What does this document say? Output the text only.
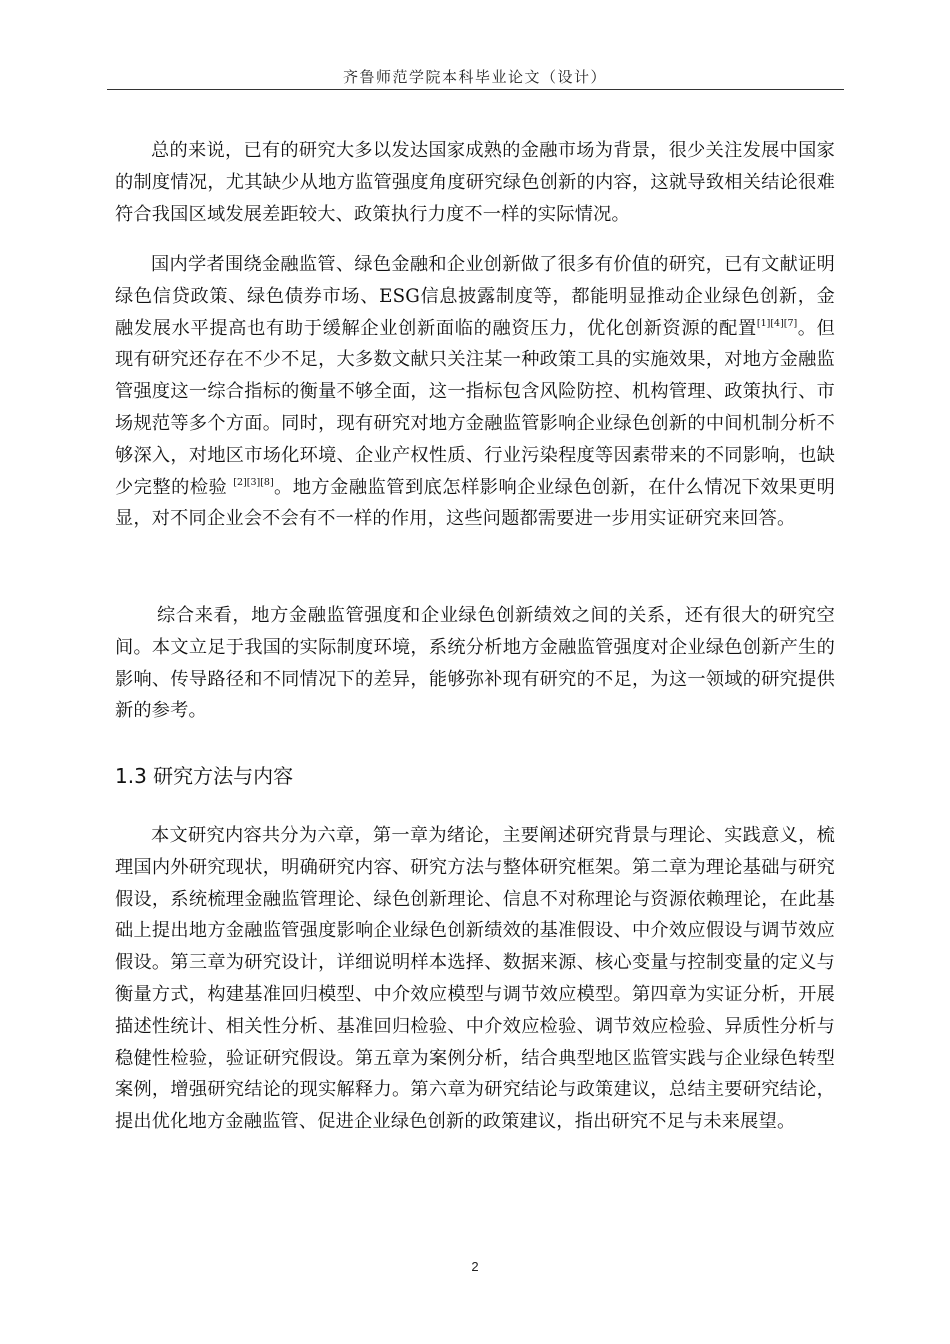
齐鲁师范学院本科毕业论文（设计）

总的来说，已有的研究大多以发达国家成熟的金融市场为背景，很少关注发展中国家的制度情况，尤其缺少从地方监管强度角度研究绿色创新的内容，这就导致相关结论很难符合我国区域发展差距较大、政策执行力度不一样的实际情况。

国内学者围绕金融监管、绿色金融和企业创新做了很多有价值的研究，已有文献证明绿色信贷政策、绿色债券市场、ESG信息披露制度等，都能明显推动企业绿色创新，金融发展水平提高也有助于缓解企业创新面临的融资压力，优化创新资源的配置[1][4][7]。但现有研究还存在不少不足，大多数文献只关注某一种政策工具的实施效果，对地方金融监管强度这一综合指标的衡量不够全面，这一指标包含风险防控、机构管理、政策执行、市场规范等多个方面。同时，现有研究对地方金融监管影响企业绿色创新的中间机制分析不够深入，对地区市场化环境、企业产权性质、行业污染程度等因素带来的不同影响，也缺少完整的检验 [2][3][8]。地方金融监管到底怎样影响企业绿色创新，在什么情况下效果更明显，对不同企业会不会有不一样的作用，这些问题都需要进一步用实证研究来回答。

综合来看，地方金融监管强度和企业绿色创新绩效之间的关系，还有很大的研究空间。本文立足于我国的实际制度环境，系统分析地方金融监管强度对企业绿色创新产生的影响、传导路径和不同情况下的差异，能够弥补现有研究的不足，为这一领域的研究提供新的参考。

1.3 研究方法与内容

本文研究内容共分为六章，第一章为绪论，主要阐述研究背景与理论、实践意义，梳理国内外研究现状，明确研究内容、研究方法与整体研究框架。第二章为理论基础与研究假设，系统梳理金融监管理论、绿色创新理论、信息不对称理论与资源依赖理论，在此基础上提出地方金融监管强度影响企业绿色创新绩效的基准假设、中介效应假设与调节效应假设。第三章为研究设计，详细说明样本选择、数据来源、核心变量与控制变量的定义与衡量方式，构建基准回归模型、中介效应模型与调节效应模型。第四章为实证分析，开展描述性统计、相关性分析、基准回归检验、中介效应检验、调节效应检验、异质性分析与稳健性检验，验证研究假设。第五章为案例分析，结合典型地区监管实践与企业绿色转型案例，增强研究结论的现实解释力。第六章为研究结论与政策建议，总结主要研究结论，提出优化地方金融监管、促进企业绿色创新的政策建议，指出研究不足与未来展望。

2
